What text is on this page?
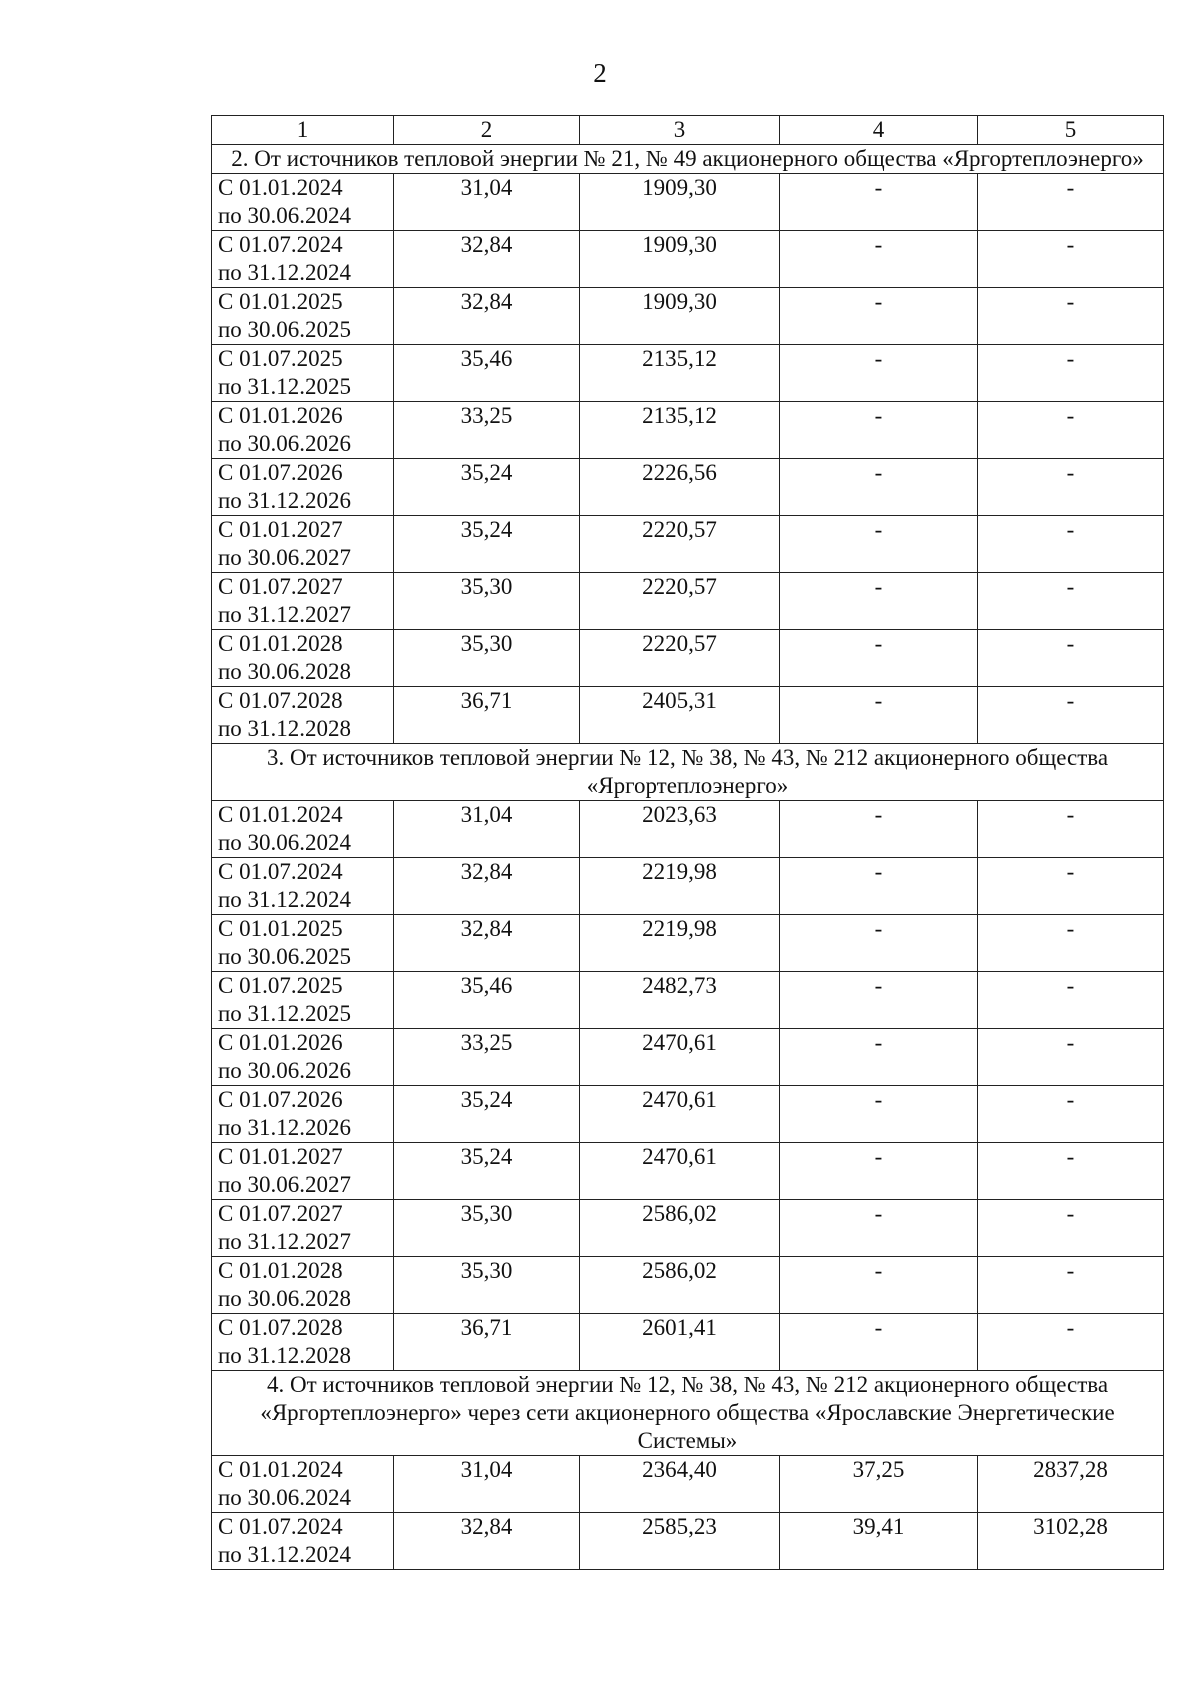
2
1	2	3	4	5
2. От источников тепловой энергии № 21, № 49 акционерного общества «Яргортеплоэнерго»				

С 01.01.2024
по 30.06.2024	31,04	1909,30	-	-

С 01.07.2024
по 31.12.2024	32,84	1909,30	-	-

С 01.01.2025
по 30.06.2025	32,84	1909,30	-	-

С 01.07.2025
по 31.12.2025	35,46	2135,12	-	-

С 01.01.2026
по 30.06.2026	33,25	2135,12	-	-

С 01.07.2026
по 31.12.2026	35,24	2226,56	-	-

С 01.01.2027
по 30.06.2027	35,24	2220,57	-	-

С 01.07.2027
по 31.12.2027	35,30	2220,57	-	-

С 01.01.2028
по 30.06.2028	35,30	2220,57	-	-

С 01.07.2028
по 31.12.2028	36,71	2405,31	-	-
3. От источников тепловой энергии № 12, № 38, № 43, № 212 акционерного общества «Яргортеплоэнерго»				

С 01.01.2024
по 30.06.2024	31,04	2023,63	-	-

С 01.07.2024
по 31.12.2024	32,84	2219,98	-	-

С 01.01.2025
по 30.06.2025	32,84	2219,98	-	-

С 01.07.2025
по 31.12.2025	35,46	2482,73	-	-

С 01.01.2026
по 30.06.2026	33,25	2470,61	-	-

С 01.07.2026
по 31.12.2026	35,24	2470,61	-	-

С 01.01.2027
по 30.06.2027	35,24	2470,61	-	-

С 01.07.2027
по 31.12.2027	35,30	2586,02	-	-

С 01.01.2028
по 30.06.2028	35,30	2586,02	-	-

С 01.07.2028
по 31.12.2028	36,71	2601,41	-	-
4. От источников тепловой энергии № 12, № 38, № 43, № 212 акционерного общества «Яргортеплоэнерго» через сети акционерного общества «Ярославские Энергетические Системы»				

С 01.01.2024
по 30.06.2024	31,04	2364,40	37,25	2837,28

С 01.07.2024
по 31.12.2024	32,84	2585,23	39,41	3102,28
